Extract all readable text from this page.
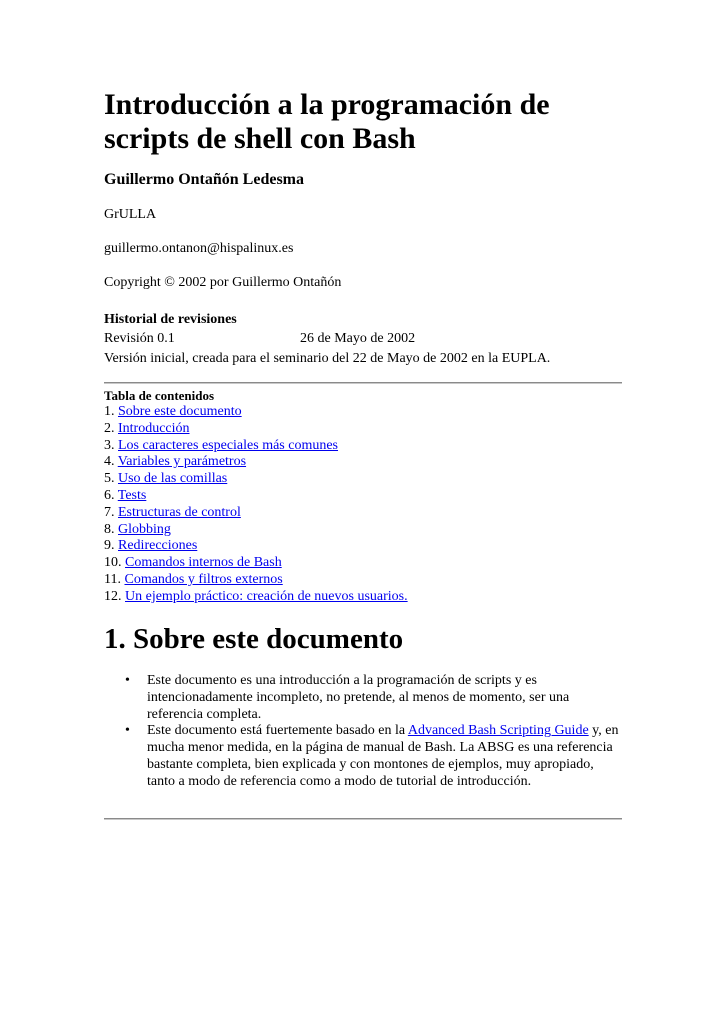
Introducción a la programación de scripts de shell con Bash

Guillermo Ontañón Ledesma

GrULLA

guillermo.ontanon@hispalinux.es

Copyright © 2002 por Guillermo Ontañón

Historial de revisiones

Revisión 0.1	26 de Mayo de 2002

Versión inicial, creada para el seminario del 22 de Mayo de 2002 en la EUPLA.

Tabla de contenidos
1. Sobre este documento
2. Introducción
3. Los caracteres especiales más comunes
4. Variables y parámetros
5. Uso de las comillas
6. Tests
7. Estructuras de control
8. Globbing
9. Redirecciones
10. Comandos internos de Bash
11. Comandos y filtros externos
12. Un ejemplo práctico: creación de nuevos usuarios.
1. Sobre este documento
• Este documento es una introducción a la programación de scripts y es intencionadamente incompleto, no pretende, al menos de momento, ser una referencia completa.
• Este documento está fuertemente basado en la Advanced Bash Scripting Guide y, en mucha menor medida, en la página de manual de Bash. La ABSG es una referencia bastante completa, bien explicada y con montones de ejemplos, muy apropiado, tanto a modo de referencia como a modo de tutorial de introducción.
